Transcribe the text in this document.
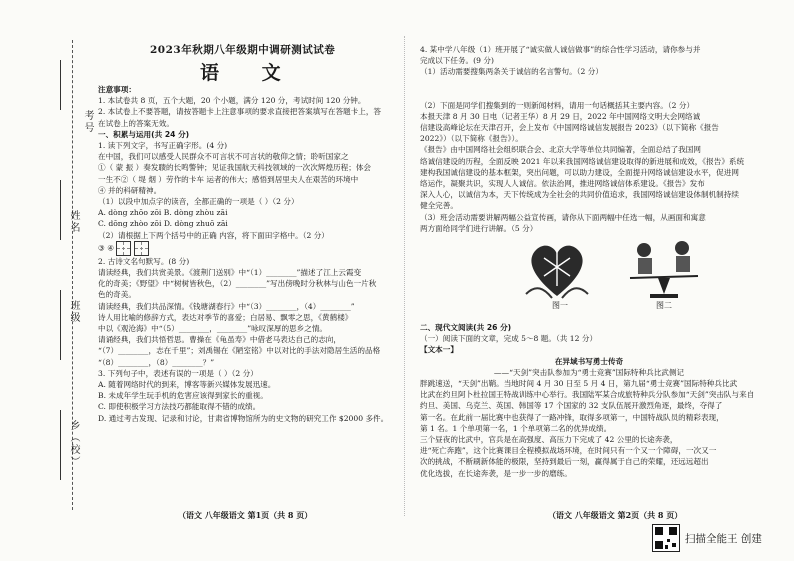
考号
姓名
班级
乡（校）
2023年秋期八年级期中调研测试试卷
语 文

注意事项：

1. 本试卷共 8 页，五个大题，20 个小题，满分 120 分，考试时间 120 分钟。

2. 本试卷上不要答题，请按答题卡上注意事项的要求直接把答案填写在答题卡上，答

在试卷上的答案无效。

一、积累与运用(共 24 分)

1. 读下列文字，书写正确字形。(4 分)

在中国，我们可以感受人民群众不可言状不可言状的敬仰之情；聆听国家之

①（ 蒙 振 ）奏发聩的长鸣警钟；见证我国航天科技领域的一次次辉煌历程；体会

一生不②（ 堤 烟 ）劳作的卡车 运者的伟大；感悟到居里夫人在艰苦的环境中

④ 并的科研精神。

（1）以段中加点字的读音，全都正确的一项是（ ）（2 分）

A. dòng zhōo zōi B. dòng zhòu zāi

C. dōng zhòo zōi D. dòng zhuō zāi

（2）请根据上下两个括号中的正确 内容，将下面田字格中。（2 分）

③ ④

2. 古诗文名句默写。(8 分)

请读经典，我们共赏美景。《渡荆门送别》中“（1）________”描述了江上云霞变

化的奇美；《野望》中“树树皆秋色，（2）________”写出傍晚时分秋林与山色一片秋

色的奇美。

请读经典，我们共品深情。《钱塘湖春行》中“（3）________，（4）________”

诗人用比喻的修辞方式，表达对季节的喜爱；白居易、飘零之思，《黄鹤楼》

中以《观沧海》中“（5）________，________”咏叹深厚的思乡之情。

请诵经典，我们共悟哲思。曹操在《龟虽寿》中借老马表达自己的志向，

“（7）________，志在千里”；刘禹锡在《陋室铭》中以对比的手法对隐居生活的品格

“（8）________，（8）________？”

3. 下列句子中，表述有误的一项是（ ）（2 分）

A. 随着网络时代的到来，博客等新兴媒体发展迅速。

B. 未成年学生玩手机的危害应该得到家长的重视。

C. 即使积极学习方法技巧都能取得不错的成绩。

D. 通过考古发现、记录和讨论，甘肃省博物馆所为的史文物的研究工作 $2000 多件。

4. 某中学八年级（1）班开展了“诚实做人诚信做事”的综合性学习活动，请你参与并

完成以下任务。(9 分)

（1）活动需要搜集两条关于诚信的名言警句。（2 分）

（2）下面是同学们搜集到的一则新闻材料，请用一句话概括其主要内容。（2 分）

本报天津 8 月 30 日电（记者王华）8 月 29 日，2022 年中国网络文明大会网络诚

信建设高峰论坛在天津召开，会上发布《中国网络诚信发展报告 2023》（以下简称《报告

2022》）（以下简称《报告》）。

《报告》由中国网络社会组织联合会、北京大学等单位共同编著，全面总结了我国网

络诚信建设的历程，全面反映 2021 年以来我国网络诚信建设取得的新进展和成效，《报告》系统

建构我国诚信建设的基本框架，突出问题，可以助力建设，全面提升网络诚信建设水平，促进网

络运作，凝聚共识，实现人人诚信。依法治网，推进网络诚信体系建设。《报告》发布

深入人心，以诚信为本，天下传统成为全社会的共同价值追求，我国网络诚信建设体制机制持续

健全完善。

（3）班会活动需要讲解两幅公益宣传画，请你从下面两幅中任选一幅，从画面和寓意

两方面给同学们进行讲解。（5 分）

图一	图二

二、现代文阅读(共 26 分)

（一）阅读下面的文章，完成 5～8 题。（共 12 分）

【文本一】

在异域书写勇士传奇

——“天剑”突击队参加为“勇士竞赛”国际特种兵比武侧记

胖跳速送，“天剑”出鞘。当地时间 4 月 30 日至 5 月 4 日，第九届“勇士竞赛”国际特种兵比武

比武在约旦阿卜杜拉国王特战训练中心举行。我国陆军某合成旅特种兵分队参加“天剑”突击队与来自

约旦、美国、乌克兰、英国、韩国等 17 个国家的 32 支队伍展开激烈角逐，最终，夺得了

第一名。在此前一届比赛中也获得了一路冲锋，取得多项第一，中国特战队员的精彩表现，

第 1 名。1 个单项第一名，1 个单项第二名的优异成绩。

三个昼夜的比武中，官兵是在高强度、高压力下完成了 42 公里的长途奔袭，

进“死亡奔跑”，这个比赛课目全程模拟战场环境，在时间只有一个又一个障碍，一次又一

次的挑战，不断刷新体能的极限，坚持到最后一刻，赢得属于自己的荣耀，还远远超出

优化选拔，在长途奔袭，是一步一步的磨练。

（语文 八年级语文 第1页（共 8 页）	（语文 八年级语文 第2页（共 8 页）
扫描全能王 创建
